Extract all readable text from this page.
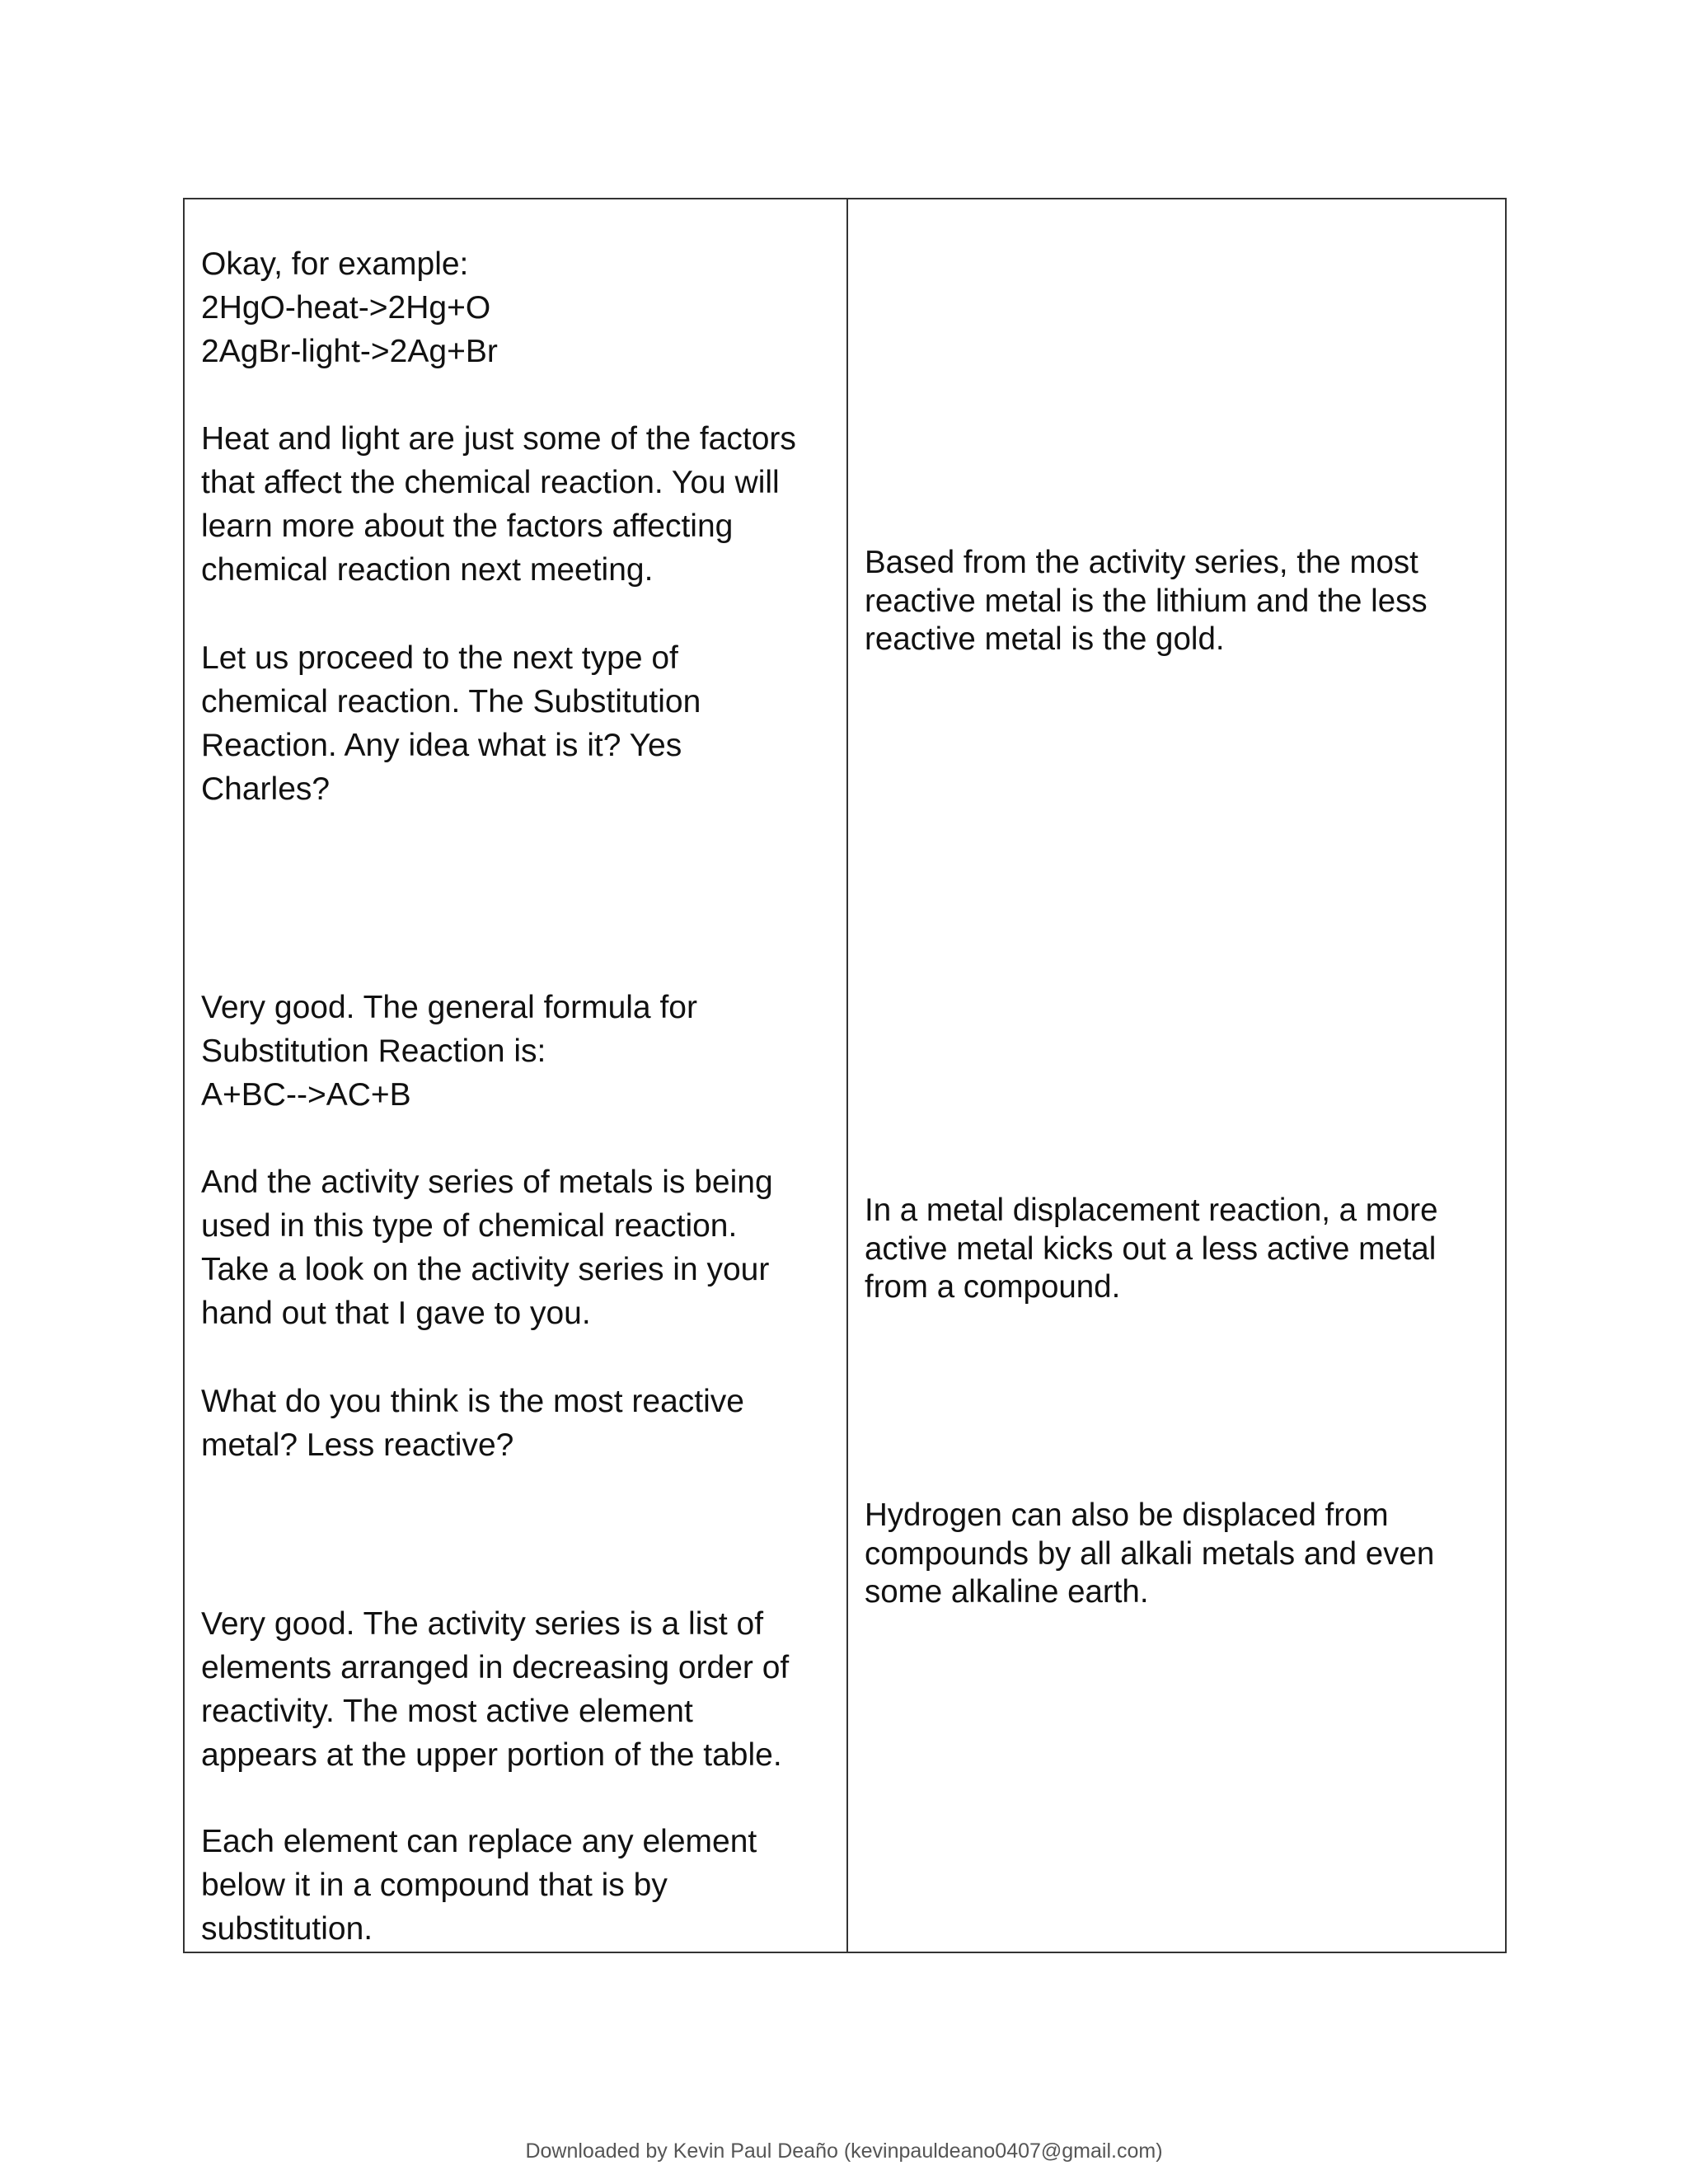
Okay, for example:
2HgO-heat->2Hg+O
2AgBr-light->2Ag+Br
Heat and light are just some of the factors
that affect the chemical reaction. You will
learn more about the factors affecting
chemical reaction next meeting.
Let us proceed to the next type of
chemical reaction. The Substitution
Reaction. Any idea what is it? Yes
Charles?
Very good. The general formula for
Substitution Reaction is:
A+BC-->AC+B
And the activity series of metals is being
used in this type of chemical reaction.
Take a look on the activity series in your
hand out that I gave to you.
What do you think is the most reactive
metal? Less reactive?
Very good. The activity series is a list of
elements arranged in decreasing order of
reactivity. The most active element
appears at the upper portion of the table.
Each element can replace any element
below it in a compound that is by
substitution.
Based from the activity series, the most
reactive metal is the lithium and the less
reactive metal is the gold.
In a metal displacement reaction, a more
active metal kicks out a less active metal
from a compound.
Hydrogen can also be displaced from
compounds by all alkali metals and even
some alkaline earth.
Downloaded by Kevin Paul Deaño (kevinpauldeano0407@gmail.com)
